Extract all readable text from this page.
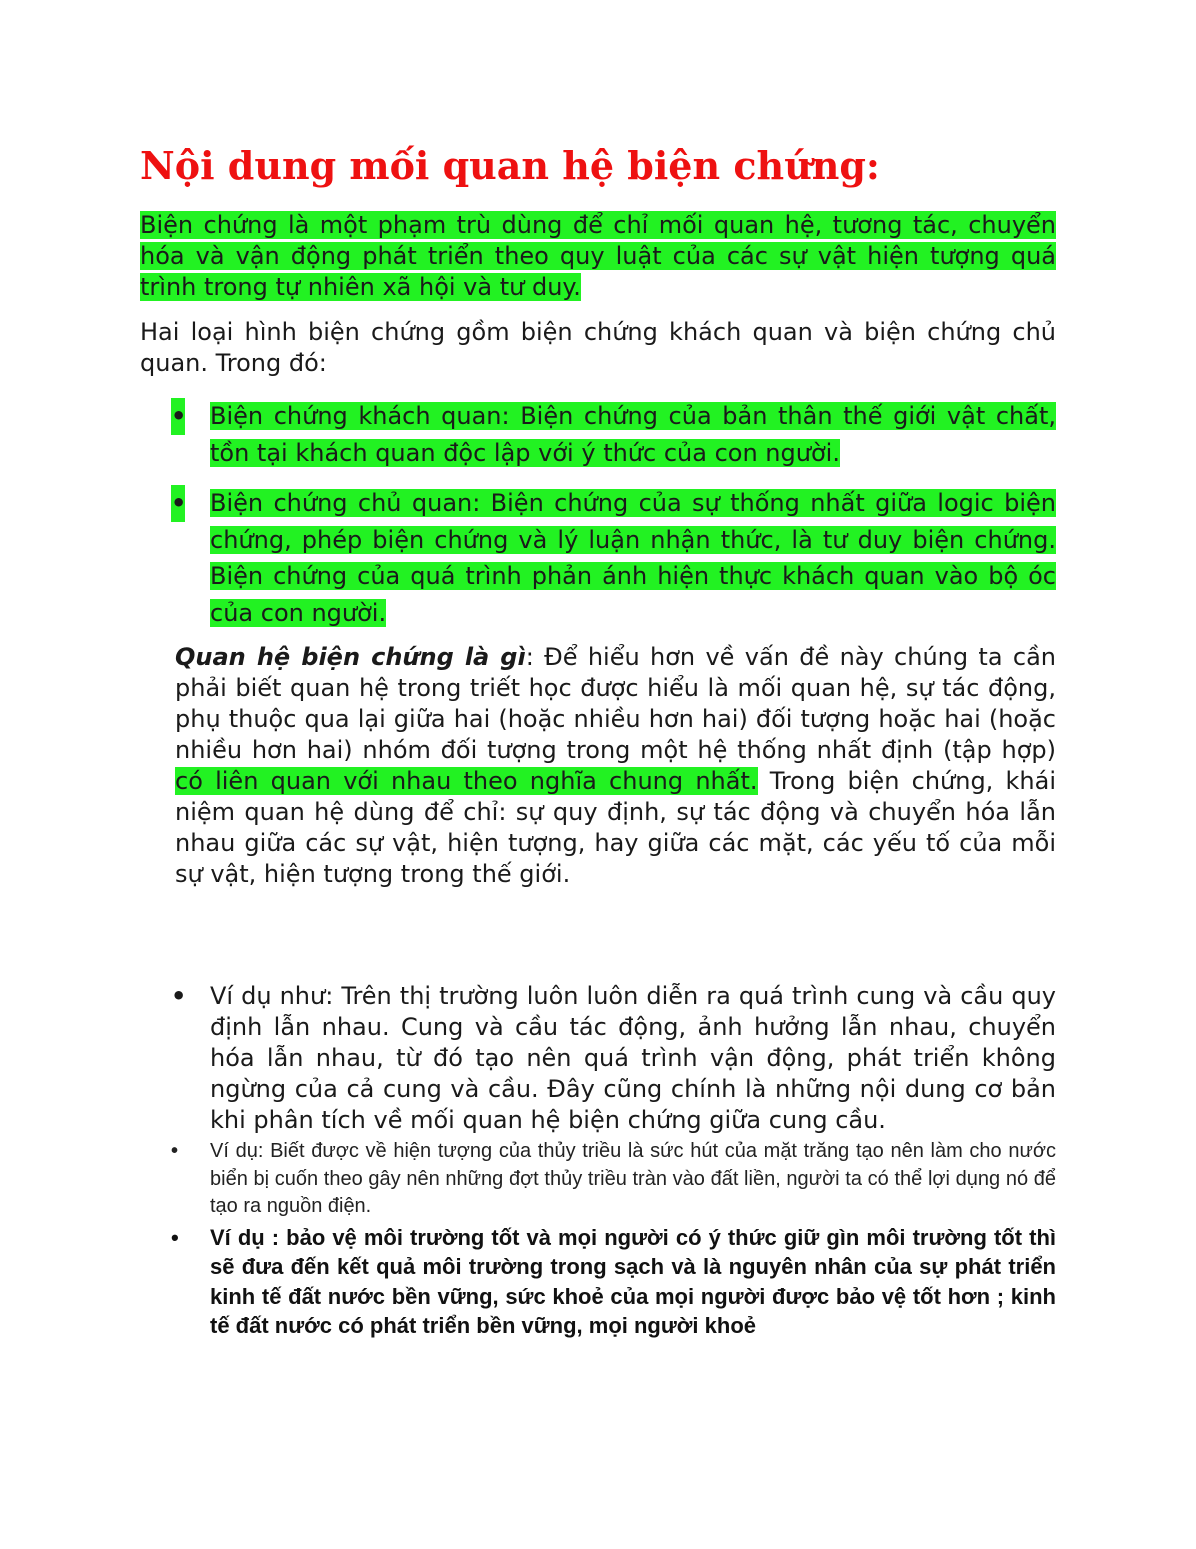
Nội dung mối quan hệ biện chứng:

Biện chứng là một phạm trù dùng để chỉ mối quan hệ, tương tác, chuyển hóa và vận động phát triển theo quy luật của các sự vật hiện tượng quá trình trong tự nhiên xã hội và tư duy.

Hai loại hình biện chứng gồm biện chứng khách quan và biện chứng chủ quan. Trong đó:

• Biện chứng khách quan: Biện chứng của bản thân thế giới vật chất, tồn tại khách quan độc lập với ý thức của con người.
• Biện chứng chủ quan: Biện chứng của sự thống nhất giữa logic biện chứng, phép biện chứng và lý luận nhận thức, là tư duy biện chứng. Biện chứng của quá trình phản ánh hiện thực khách quan vào bộ óc của con người.

Quan hệ biện chứng là gì: Để hiểu hơn về vấn đề này chúng ta cần phải biết quan hệ trong triết học được hiểu là mối quan hệ, sự tác động, phụ thuộc qua lại giữa hai (hoặc nhiều hơn hai) đối tượng hoặc hai (hoặc nhiều hơn hai) nhóm đối tượng trong một hệ thống nhất định (tập hợp) có liên quan với nhau theo nghĩa chung nhất. Trong biện chứng, khái niệm quan hệ dùng để chỉ: sự quy định, sự tác động và chuyển hóa lẫn nhau giữa các sự vật, hiện tượng, hay giữa các mặt, các yếu tố của mỗi sự vật, hiện tượng trong thế giới.

• Ví dụ như: Trên thị trường luôn luôn diễn ra quá trình cung và cầu quy định lẫn nhau. Cung và cầu tác động, ảnh hưởng lẫn nhau, chuyển hóa lẫn nhau, từ đó tạo nên quá trình vận động, phát triển không ngừng của cả cung và cầu. Đây cũng chính là những nội dung cơ bản khi phân tích về mối quan hệ biện chứng giữa cung cầu.
•	Ví dụ: Biết được về hiện tượng của thủy triều là sức hút của mặt trăng tạo nên làm cho nước biển bị cuốn theo gây nên những đợt thủy triều tràn vào đất liền, người ta có thể lợi dụng nó để tạo ra nguồn điện.
• Ví dụ : bảo vệ môi trường tốt và mọi người có ý thức giữ gìn môi trường tốt thì sẽ đưa đến kết quả môi trường trong sạch và là nguyên nhân của sự phát triển kinh tế đất nước bền vững, sức khoẻ của mọi người được bảo vệ tốt hơn ; kinh tế đất nước có phát triển bền vững, mọi người khoẻ
